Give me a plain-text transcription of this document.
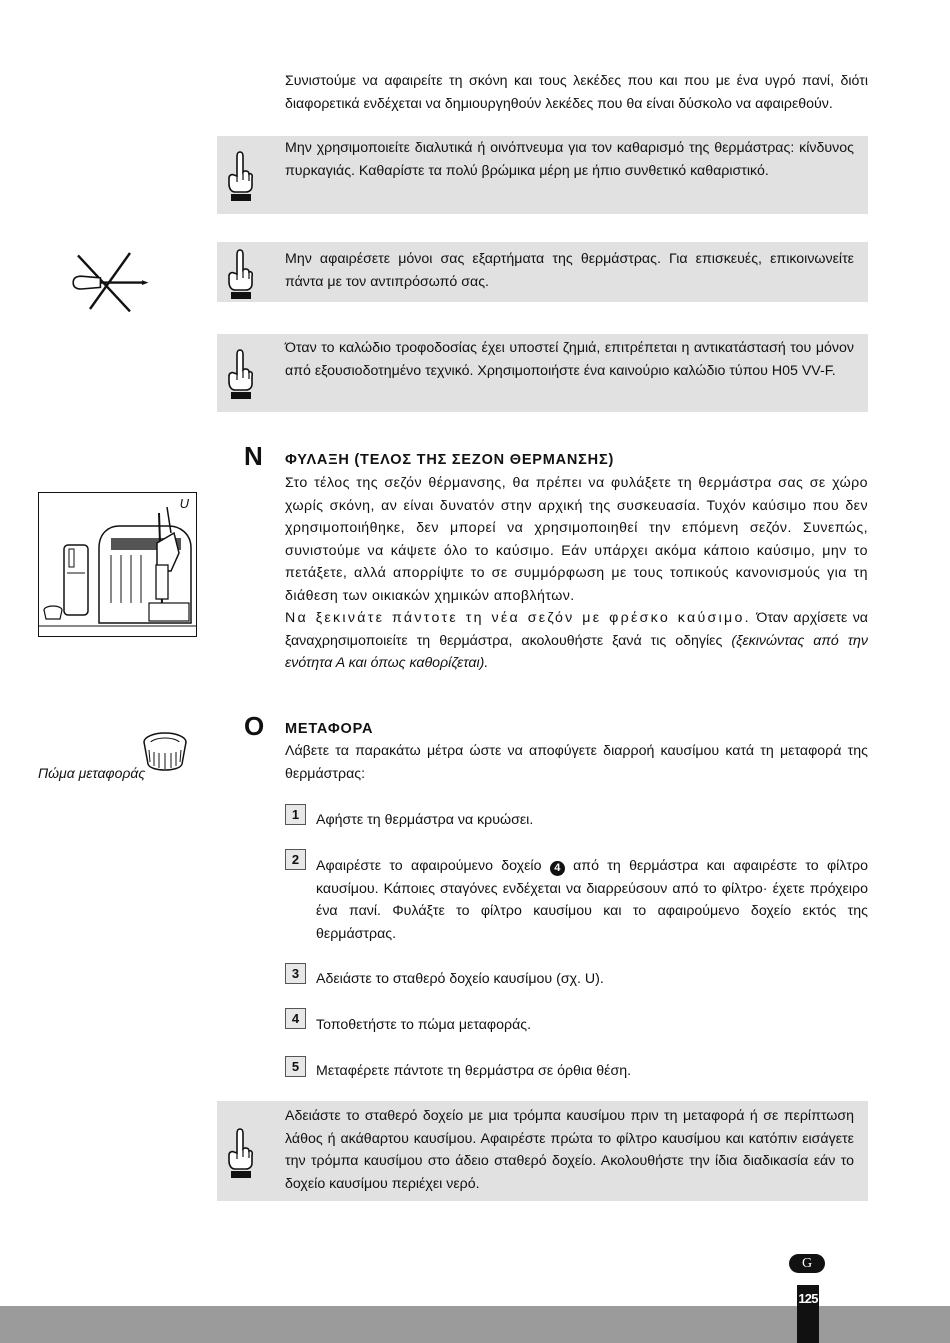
Συνιστούμε να αφαιρείτε τη σκόνη και τους λεκέδες που και που με ένα υγρό πανί, διότι διαφορετικά ενδέχεται να δημιουργηθούν λεκέδες που θα είναι δύσκολο να αφαιρεθούν.
Μην χρησιμοποιείτε διαλυτικά ή οινόπνευμα για τον καθαρισμό της θερμάστρας: κίνδυνος πυρκαγιάς. Καθαρίστε τα πολύ βρώμικα μέρη με ήπιο συνθετικό καθαριστικό.
Μην αφαιρέσετε μόνοι σας εξαρτήματα της θερμάστρας. Για επισκευές, επικοινωνείτε πάντα με τον αντιπρόσωπό σας.
Όταν το καλώδιο τροφοδοσίας έχει υποστεί ζημιά, επιτρέπεται η αντικατάστασή του μόνον από εξουσιοδοτημένο τεχνικό. Χρησιμοποιήστε ένα καινούριο καλώδιο τύπου H05 VV-F.
N ΦΥΛΑΞΗ (ΤΕΛΟΣ ΤΗΣ ΣΕΖΟΝ ΘΕΡΜΑΝΣΗΣ)
Στο τέλος της σεζόν θέρμανσης, θα πρέπει να φυλάξετε τη θερμάστρα σας σε χώρο χωρίς σκόνη, αν είναι δυνατόν στην αρχική της συσκευασία. Τυχόν καύσιμο που δεν χρησιμοποιήθηκε, δεν μπορεί να χρησιμοποιηθεί την επόμενη σεζόν. Συνεπώς, συνιστούμε να κάψετε όλο το καύσιμο. Εάν υπάρχει ακόμα κάποιο καύσιμο, μην το πετάξετε, αλλά απορρίψτε το σε συμμόρφωση με τους τοπικούς κανονισμούς για τη διάθεση των οικιακών χημικών αποβλήτων.
Να ξεκινάτε πάντοτε τη νέα σεζόν με φρέσκο καύσιμο. Όταν αρχίσετε να ξαναχρησιμοποιείτε τη θερμάστρα, ακολουθήστε ξανά τις οδηγίες (ξεκινώντας από την ενότητα Α και όπως καθορίζεται).
U
O ΜΕΤΑΦΟΡΑ
Λάβετε τα παρακάτω μέτρα ώστε να αποφύγετε διαρροή καυσίμου κατά τη μεταφορά της θερμάστρας:
Πώμα μεταφοράς
1	Αφήστε τη θερμάστρα να κρυώσει.
2	Αφαιρέστε το αφαιρούμενο δοχείο 4 από τη θερμάστρα και αφαιρέστε το φίλτρο καυσίμου. Κάποιες σταγόνες ενδέχεται να διαρρεύσουν από το φίλτρο· έχετε πρόχειρο ένα πανί. Φυλάξτε το φίλτρο καυσίμου και το αφαιρούμενο δοχείο εκτός της θερμάστρας.
3	Αδειάστε το σταθερό δοχείο καυσίμου (σχ. U).
4	Τοποθετήστε το πώμα μεταφοράς.
5	Μεταφέρετε πάντοτε τη θερμάστρα σε όρθια θέση.
Αδειάστε το σταθερό δοχείο με μια τρόμπα καυσίμου πριν τη μεταφορά ή σε περίπτωση λάθος ή ακάθαρτου καυσίμου. Αφαιρέστε πρώτα το φίλτρο καυσίμου και κατόπιν εισάγετε την τρόμπα καυσίμου στο άδειο σταθερό δοχείο. Ακολουθήστε την ίδια διαδικασία εάν το δοχείο καυσίμου περιέχει νερό.
G
125
